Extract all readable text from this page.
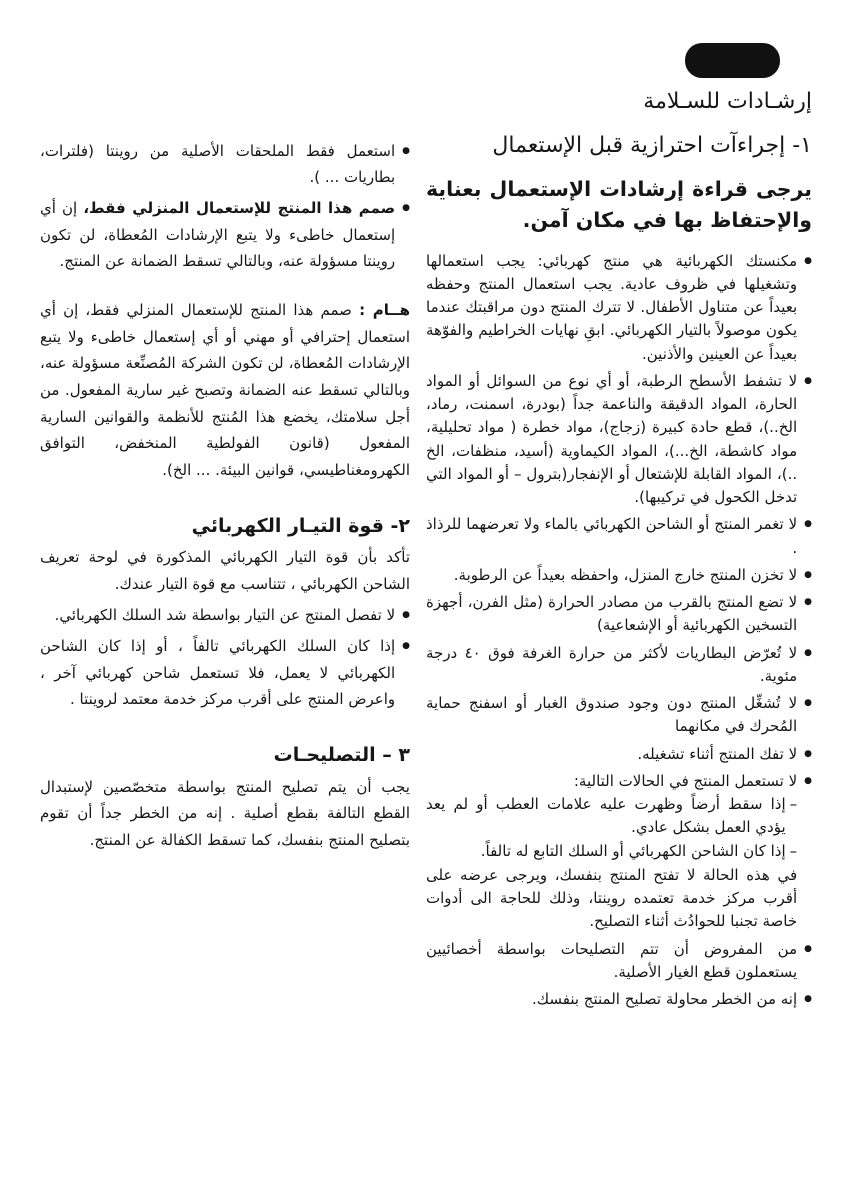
إرشـادات للسـلامة
١- إجراءآت احترازية قبل الإستعمال

يرجى قراءة إرشادات الإستعمال بعناية والإحتفاظ بها في مكان آمن.

●
مكنستك الكهربائية هي منتج كهربائي: يجب استعمالها وتشغيلها في ظروف عادية. يجب استعمال المنتج وحفظه بعيداً عن متناول الأطفال. لا تترك المنتج دون مراقبتك عندما يكون موصولاً بالتيار الكهربائي. ابقِ نهايات الخراطيم والفوّهة بعيداً عن العينين والأذنين.
●
لا تشفط الأسطح الرطبة، أو أي نوع من السوائل أو المواد الحارة، المواد الدقيقة والناعمة جداً (بودرة، اسمنت، رماد، الخ..)، قطع حادة كبيرة (زجاج)، مواد خطرة ( مواد تحليلية، مواد كاشطة، الخ...)، المواد الكيماوية (أسيد، منظفات، الخ ..)، المواد القابلة للإشتعال أو الإنفجار(بترول – أو المواد التي تدخل الكحول في تركيبها).
●
لا تغمر المنتج أو الشاحن الكهربائي بالماء ولا تعرضهما للرذاذ .
●
لا تخزن المنتج خارج المنزل، واحفظه بعيداً عن الرطوبة.
●
لا تضع المنتج بالقرب من مصادر الحرارة (مثل الفرن، أجهزة التسخين الكهربائية أو الإشعاعية)
●
لا تُعرّض البطاريات لأكثر من حرارة الغرفة فوق ٤٠ درجة مئوية.
●
لا تُشغِّل المنتج دون وجود صندوق الغبار أو اسفنج حماية المُحرك في مكانهما
●
لا تفك المنتج أثناء تشغيله.
●
لا تستعمل المنتج في الحالات التالية:
–
إذا سقط أرضاً وظهرت عليه علامات العطب أو لم يعد يؤدي العمل بشكل عادي.
–
إذا كان الشاحن الكهربائي أو السلك التابع له تالفاً.
في هذه الحالة لا تفتح المنتج بنفسك، ويرجى عرضه على أقرب مركز خدمة تعتمده روينتا، وذلك للحاجة الى أدوات خاصة تجنبا للحوادُث أثناء التصليح.
●
من المفروض أن تتم التصليحات بواسطة أخصائيين يستعملون قطع الغيار الأصلية.
●
إنه من الخطر محاولة تصليح المنتج بنفسك.
●
استعمل فقط الملحقات الأصلية من روينتا (فلترات، بطاريات ... ).
●
صمم هذا المنتج للإستعمال المنزلي فقط، إن أي إستعمال خاطىء ولا يتبع الإرشادات المُعطاة، لن تكون روينتا مسؤولة عنه، وبالتالي تسقط الضمانة عن المنتج.

هــام : صمم هذا المنتج للإستعمال المنزلي فقط، إن أي استعمال إحترافي أو مهني أو أي إستعمال خاطىء ولا يتبع الإرشادات المُعطاة، لن تكون الشركة المُصنِّعة مسؤولة عنه، وبالتالي تسقط عنه الضمانة وتصبح غير سارية المفعول. من أجل سلامتك، يخضع هذا المُنتج للأنظمة والقوانين السارية المفعول (قانون الفولطية المنخفض، التوافق الكهرومغناطيسي، قوانين البيئة. ... الخ).

٢- قوة التيـار الكهربائي

تأكد بأن قوة التيار الكهربائي المذكورة في لوحة تعريف الشاحن الكهربائي ، تتناسب مع قوة التيار عندك.

●
لا تفصل المنتج عن التيار بواسطة شد السلك الكهربائي.
●
إذا كان السلك الكهربائي تالفاً ، أو إذا كان الشاحن الكهربائي لا يعمل، فلا تستعمل شاحن كهربائي آخر ، واعرض المنتج على أقرب مركز خدمة معتمد لروينتا .
٣ – التصليحـات

يجب أن يتم تصليح المنتج بواسطة متخصّصين لإستبدال القطع التالفة بقطع أصلية . إنه من الخطر جداً أن تقوم بتصليح المنتج بنفسك، كما تسقط الكفالة عن المنتج.
